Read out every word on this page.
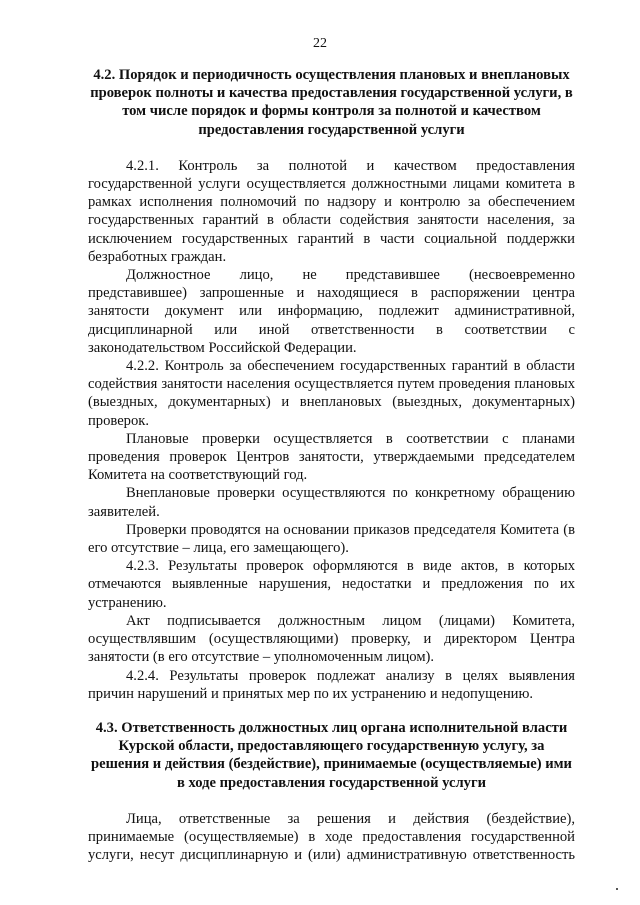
22
4.2. Порядок и периодичность осуществления плановых и внеплановых проверок полноты и качества предоставления государственной услуги, в том числе порядок и формы контроля за полнотой и качеством предоставления государственной услуги

4.2.1. Контроль за полнотой и качеством предоставления государственной услуги осуществляется должностными лицами комитета в рамках исполнения полномочий по надзору и контролю за обеспечением государственных гарантий в области содействия занятости населения, за исключением государственных гарантий в части социальной поддержки безработных граждан.

Должностное лицо, не представившее (несвоевременно представившее) запрошенные и находящиеся в распоряжении центра занятости документ или информацию, подлежит административной, дисциплинарной или иной ответственности в соответствии с законодательством Российской Федерации.

4.2.2. Контроль за обеспечением государственных гарантий в области содействия занятости населения осуществляется путем проведения плановых (выездных, документарных) и внеплановых (выездных, документарных) проверок.

Плановые проверки осуществляется в соответствии с планами проведения проверок Центров занятости, утверждаемыми председателем Комитета на соответствующий год.

Внеплановые проверки осуществляются по конкретному обращению заявителей.

Проверки проводятся на основании приказов председателя Комитета (в его отсутствие – лица, его замещающего).

4.2.3. Результаты проверок оформляются в виде актов, в которых отмечаются выявленные нарушения, недостатки и предложения по их устранению.

Акт подписывается должностным лицом (лицами) Комитета, осуществлявшим (осуществляющими) проверку, и директором Центра занятости (в его отсутствие – уполномоченным лицом).

4.2.4. Результаты проверок подлежат анализу в целях выявления причин нарушений и принятых мер по их устранению и недопущению.

4.3. Ответственность должностных лиц органа исполнительной власти Курской области, предоставляющего государственную услугу, за решения и действия (бездействие), принимаемые (осуществляемые) ими в ходе предоставления государственной услуги

Лица, ответственные за решения и действия (бездействие), принимаемые (осуществляемые) в ходе предоставления государственной услуги, несут дисциплинарную и (или) административную ответственность
